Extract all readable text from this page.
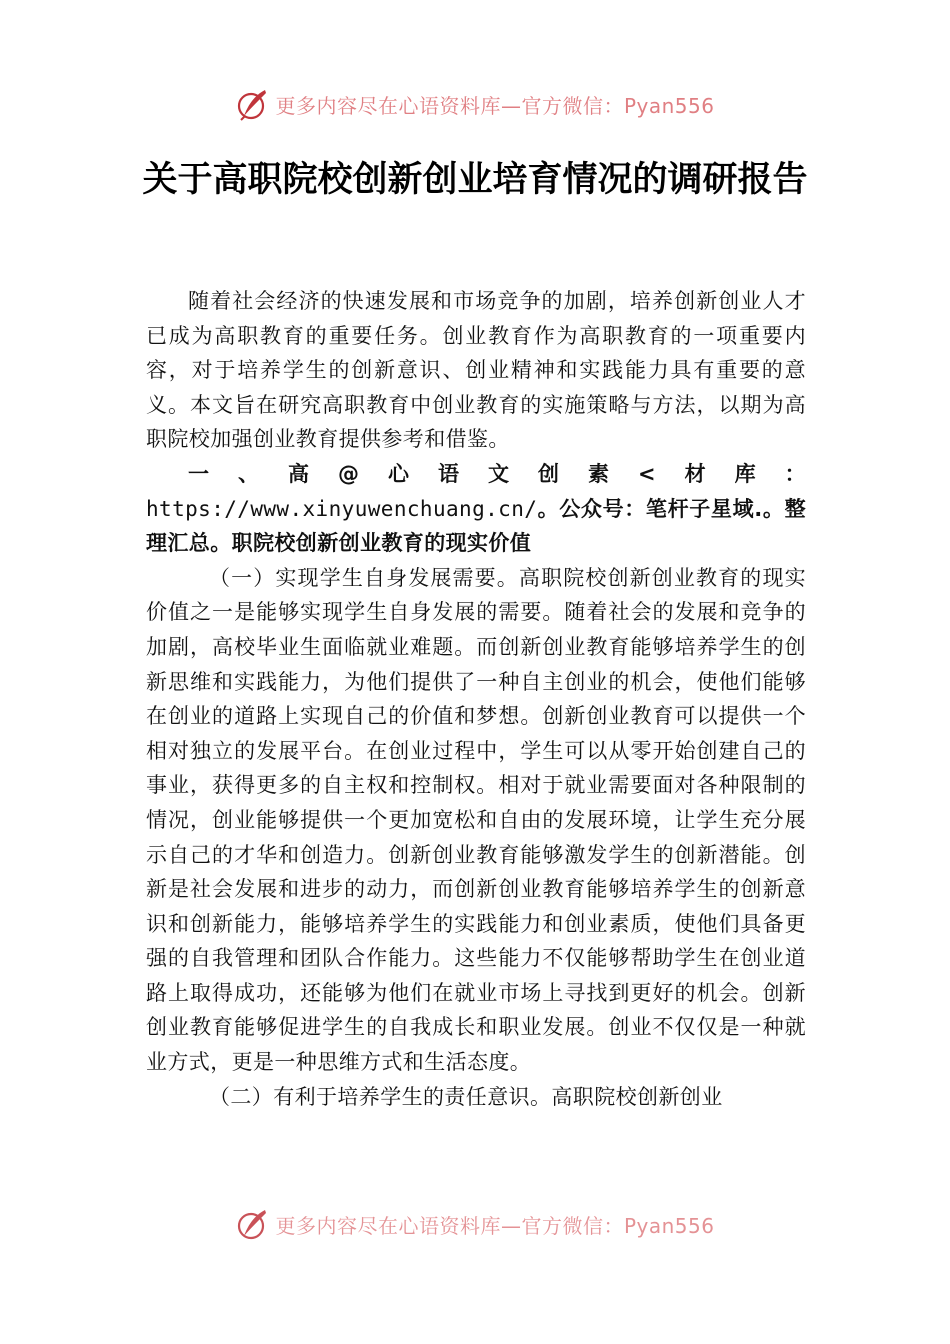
更多内容尽在心语资料库—官方微信：Pyan556
关于高职院校创新创业培育情况的调研报告

随着社会经济的快速发展和市场竞争的加剧，培养创新创业人才已成为高职教育的重要任务。创业教育作为高职教育的一项重要内容，对于培养学生的创新意识、创业精神和实践能力具有重要的意义。本文旨在研究高职教育中创业教育的实施策略与方法，以期为高职院校加强创业教育提供参考和借鉴。

一、高@心语文创素<材库：https://www.xinyuwenchuang.cn/。公众号：笔杆子星域.。整理汇总。职院校创新创业教育的现实价值

（一）实现学生自身发展需要。高职院校创新创业教育的现实价值之一是能够实现学生自身发展的需要。随着社会的发展和竞争的加剧，高校毕业生面临就业难题。而创新创业教育能够培养学生的创新思维和实践能力，为他们提供了一种自主创业的机会，使他们能够在创业的道路上实现自己的价值和梦想。创新创业教育可以提供一个相对独立的发展平台。在创业过程中，学生可以从零开始创建自己的事业，获得更多的自主权和控制权。相对于就业需要面对各种限制的情况，创业能够提供一个更加宽松和自由的发展环境，让学生充分展示自己的才华和创造力。创新创业教育能够激发学生的创新潜能。创新是社会发展和进步的动力，而创新创业教育能够培养学生的创新意识和创新能力，能够培养学生的实践能力和创业素质，使他们具备更强的自我管理和团队合作能力。这些能力不仅能够帮助学生在创业道路上取得成功，还能够为他们在就业市场上寻找到更好的机会。创新创业教育能够促进学生的自我成长和职业发展。创业不仅仅是一种就业方式，更是一种思维方式和生活态度。

（二）有利于培养学生的责任意识。高职院校创新创业

更多内容尽在心语资料库—官方微信：Pyan556
